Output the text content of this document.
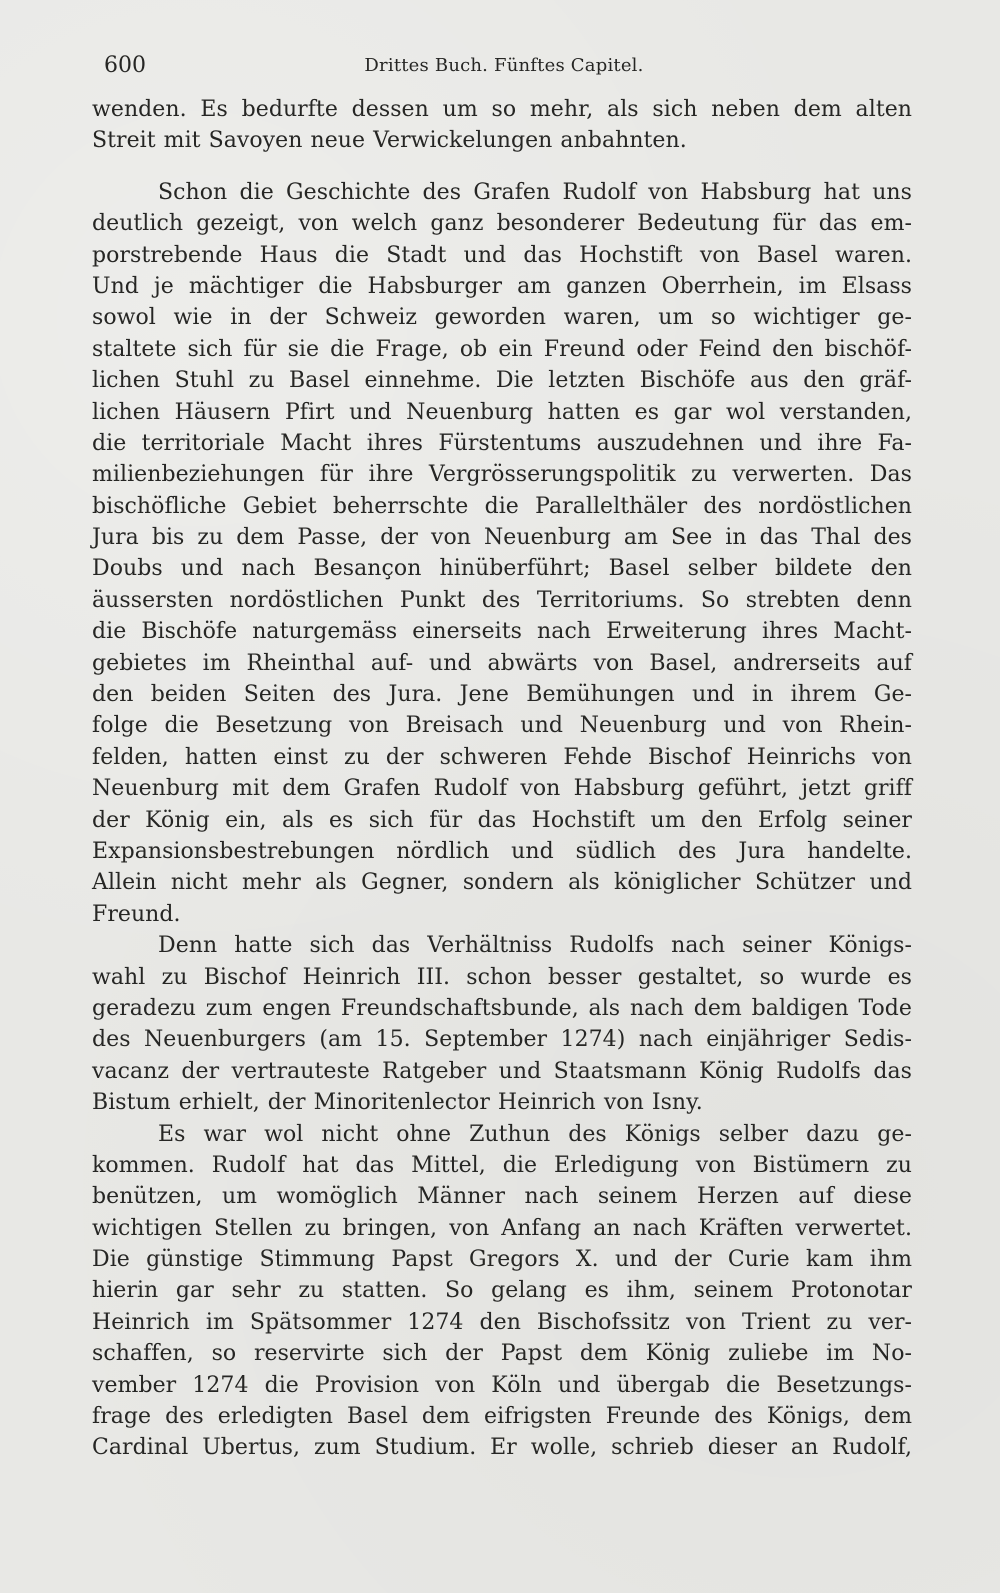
600	Drittes Buch. Fünftes Capitel.
wenden. Es bedurfte dessen um so mehr, als sich neben dem alten
Streit mit Savoyen neue Verwickelungen anbahnten.
Schon die Geschichte des Grafen Rudolf von Habsburg hat uns
deutlich gezeigt, von welch ganz besonderer Bedeutung für das em-
porstrebende Haus die Stadt und das Hochstift von Basel waren.
Und je mächtiger die Habsburger am ganzen Oberrhein, im Elsass
sowol wie in der Schweiz geworden waren, um so wichtiger ge-
staltete sich für sie die Frage, ob ein Freund oder Feind den bischöf-
lichen Stuhl zu Basel einnehme. Die letzten Bischöfe aus den gräf-
lichen Häusern Pfirt und Neuenburg hatten es gar wol verstanden,
die territoriale Macht ihres Fürstentums auszudehnen und ihre Fa-
milienbeziehungen für ihre Vergrösserungspolitik zu verwerten. Das
bischöfliche Gebiet beherrschte die Parallelthäler des nordöstlichen
Jura bis zu dem Passe, der von Neuenburg am See in das Thal des
Doubs und nach Besançon hinüberführt; Basel selber bildete den
äussersten nordöstlichen Punkt des Territoriums. So strebten denn
die Bischöfe naturgemäss einerseits nach Erweiterung ihres Macht-
gebietes im Rheinthal auf- und abwärts von Basel, andrerseits auf
den beiden Seiten des Jura. Jene Bemühungen und in ihrem Ge-
folge die Besetzung von Breisach und Neuenburg und von Rhein-
felden, hatten einst zu der schweren Fehde Bischof Heinrichs von
Neuenburg mit dem Grafen Rudolf von Habsburg geführt, jetzt griff
der König ein, als es sich für das Hochstift um den Erfolg seiner
Expansionsbestrebungen nördlich und südlich des Jura handelte.
Allein nicht mehr als Gegner, sondern als königlicher Schützer und
Freund.
Denn hatte sich das Verhältniss Rudolfs nach seiner Königs-
wahl zu Bischof Heinrich III. schon besser gestaltet, so wurde es
geradezu zum engen Freundschaftsbunde, als nach dem baldigen Tode
des Neuenburgers (am 15. September 1274) nach einjähriger Sedis-
vacanz der vertrauteste Ratgeber und Staatsmann König Rudolfs das
Bistum erhielt, der Minoritenlector Heinrich von Isny.
Es war wol nicht ohne Zuthun des Königs selber dazu ge-
kommen. Rudolf hat das Mittel, die Erledigung von Bistümern zu
benützen, um womöglich Männer nach seinem Herzen auf diese
wichtigen Stellen zu bringen, von Anfang an nach Kräften verwertet.
Die günstige Stimmung Papst Gregors X. und der Curie kam ihm
hierin gar sehr zu statten. So gelang es ihm, seinem Protonotar
Heinrich im Spätsommer 1274 den Bischofssitz von Trient zu ver-
schaffen, so reservirte sich der Papst dem König zuliebe im No-
vember 1274 die Provision von Köln und übergab die Besetzungs-
frage des erledigten Basel dem eifrigsten Freunde des Königs, dem
Cardinal Ubertus, zum Studium. Er wolle, schrieb dieser an Rudolf,
